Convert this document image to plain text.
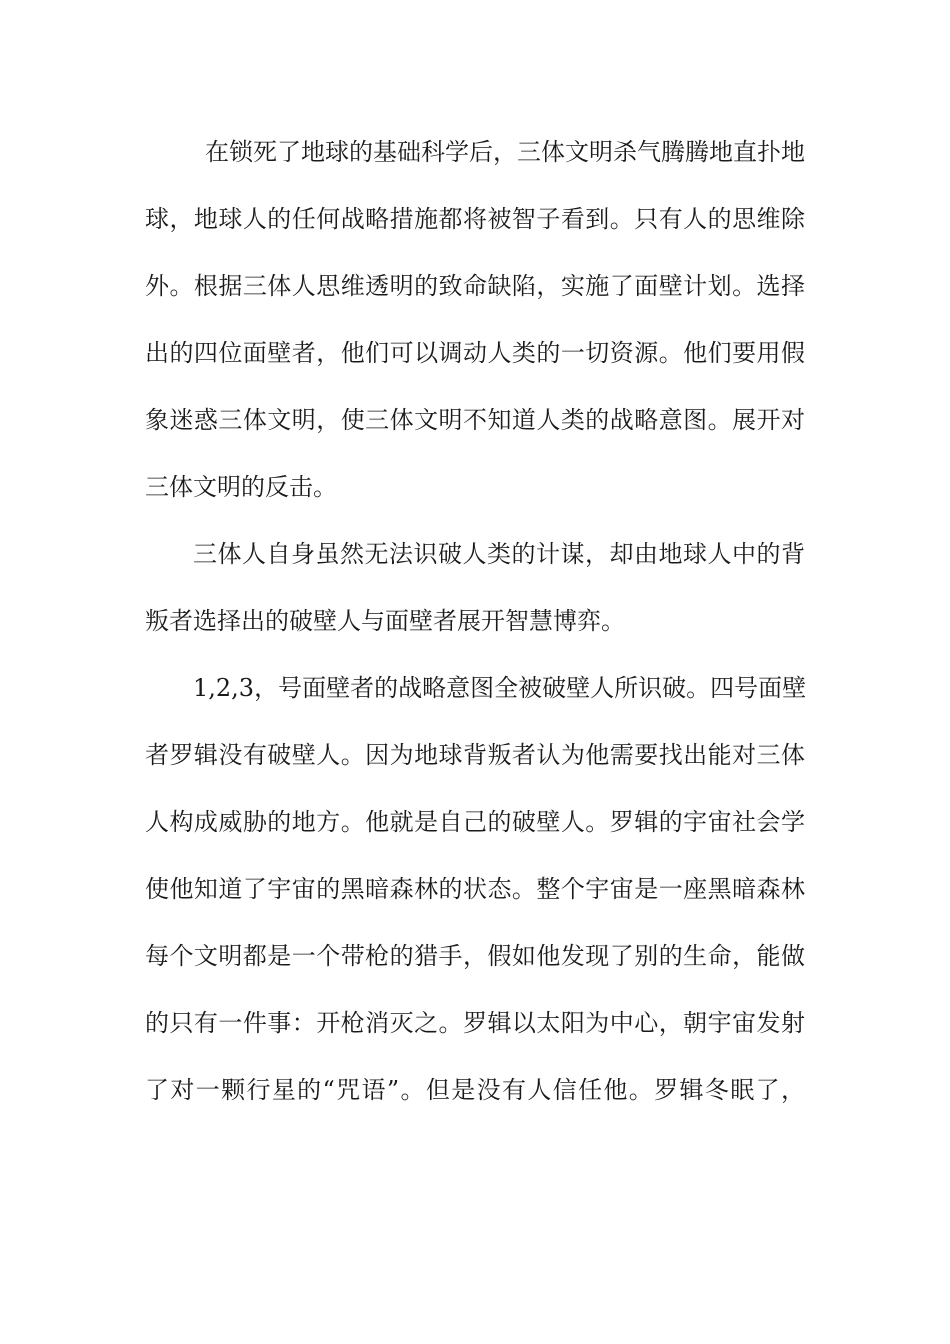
在锁死了地球的基础科学后，三体文明杀气腾腾地直扑地
球，地球人的任何战略措施都将被智子看到。只有人的思维除
外。根据三体人思维透明的致命缺陷，实施了面壁计划。选择
出的四位面壁者，他们可以调动人类的一切资源。他们要用假
象迷惑三体文明，使三体文明不知道人类的战略意图。展开对
三体文明的反击。
三体人自身虽然无法识破人类的计谋，却由地球人中的背
叛者选择出的破壁人与面壁者展开智慧博弈。
1,2,3，号面壁者的战略意图全被破壁人所识破。四号面壁
者罗辑没有破壁人。因为地球背叛者认为他需要找出能对三体
人构成威胁的地方。他就是自己的破壁人。罗辑的宇宙社会学
使他知道了宇宙的黑暗森林的状态。整个宇宙是一座黑暗森林
每个文明都是一个带枪的猎手，假如他发现了别的生命，能做
的只有一件事：开枪消灭之。罗辑以太阳为中心，朝宇宙发射
了对一颗行星的“咒语”。但是没有人信任他。罗辑冬眠了，
